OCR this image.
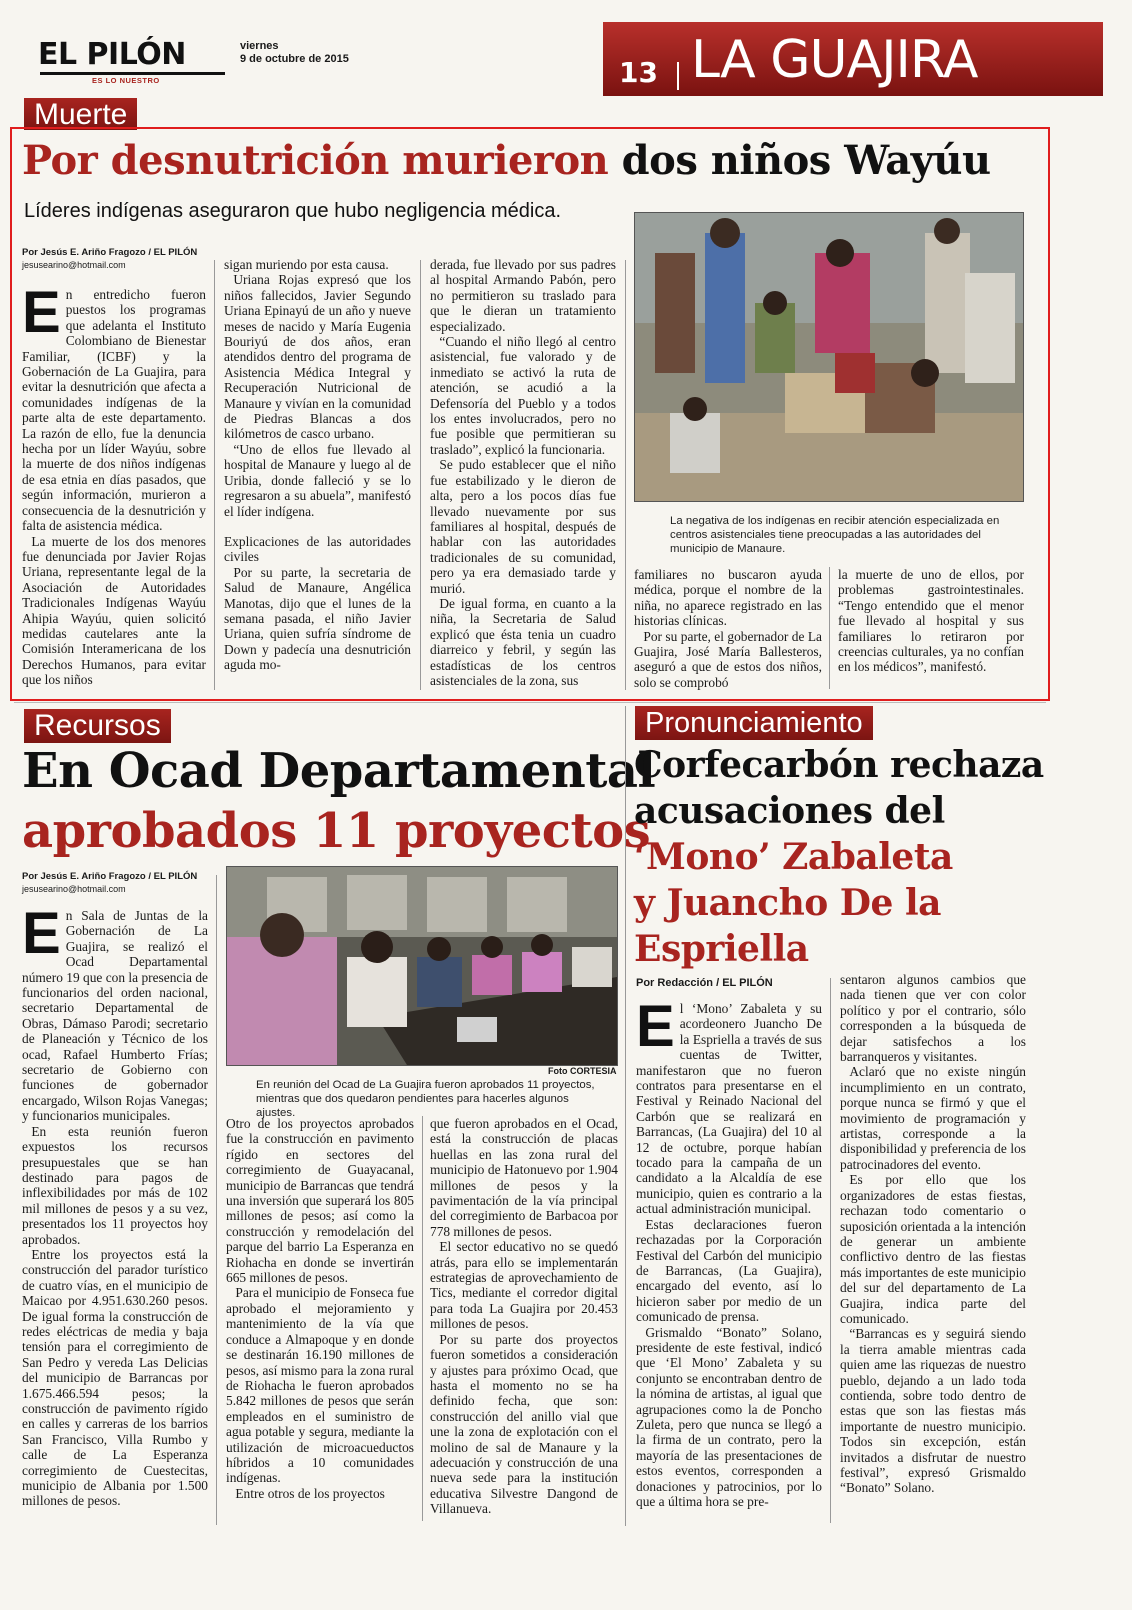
EL PILÓN
ES LO NUESTRO
viernes
9 de octubre de 2015	13 LA GUAJIRA
Muerte
Por desnutrición murieron dos niños Wayúu
Líderes indígenas aseguraron que hubo negligencia médica.
Por Jesús E. Ariño Fragozo / EL PILÓN
jesusearino@hotmail.com
E n entredicho fueron puestos los programas que adelanta el Instituto Colombiano de Bienestar Familiar, (ICBF) y la Gobernación de La Guajira, para evitar la desnutrición que afecta a comunidades indígenas de la parte alta de este departamento. La razón de ello, fue la denuncia hecha por un líder Wayúu, sobre la muerte de dos niños indígenas de esa etnia en días pasados, que según información, murieron a consecuencia de la desnutrición y falta de asistencia médica.

La muerte de los dos menores fue denunciada por Javier Rojas Uriana, representante legal de la Asociación de Autoridades Tradicionales Indígenas Wayúu Ahipia Wayúu, quien solicitó medidas cautelares ante la Comisión Interamericana de los Derechos Humanos, para evitar que los niños

sigan muriendo por esta causa.

Uriana Rojas expresó que los niños fallecidos, Javier Segundo Uriana Epinayú de un año y nueve meses de nacido y María Eugenia Bouriyú de dos años, eran atendidos dentro del programa de Asistencia Médica Integral y Recuperación Nutricional de Manaure y vivían en la comunidad de Piedras Blancas a dos kilómetros de casco urbano.

“Uno de ellos fue llevado al hospital de Manaure y luego al de Uribia, donde falleció y se lo regresaron a su abuela”, manifestó el líder indígena.

Explicaciones de las autoridades civiles

Por su parte, la secretaria de Salud de Manaure, Angélica Manotas, dijo que el lunes de la semana pasada, el niño Javier Uriana, quien sufría síndrome de Down y padecía una desnutrición aguda mo-

derada, fue llevado por sus padres al hospital Armando Pabón, pero no permitieron su traslado para que le dieran un tratamiento especializado.

“Cuando el niño llegó al centro asistencial, fue valorado y de inmediato se activó la ruta de atención, se acudió a la Defensoría del Pueblo y a todos los entes involucrados, pero no fue posible que permitieran su traslado”, explicó la funcionaria.

Se pudo establecer que el niño fue estabilizado y le dieron de alta, pero a los pocos días fue llevado nuevamente por sus familiares al hospital, después de hablar con las autoridades tradicionales de su comunidad, pero ya era demasiado tarde y murió.

De igual forma, en cuanto a la niña, la Secretaria de Salud explicó que ésta tenia un cuadro diarreico y febril, y según las estadísticas de los centros asistenciales de la zona, sus

La negativa de los indígenas en recibir atención especializada en centros asistenciales tiene preocupadas a las autoridades del municipio de Manaure.

familiares no buscaron ayuda médica, porque el nombre de la niña, no aparece registrado en las historias clínicas.

Por su parte, el gobernador de La Guajira, José María Ballesteros, aseguró a que de estos dos niños, solo se comprobó

la muerte de uno de ellos, por problemas gastrointestinales. “Tengo entendido que el menor fue llevado al hospital y sus familiares lo retiraron por creencias culturales, ya no confían en los médicos”, manifestó.

Recursos
En Ocad Departamental
aprobados 11 proyectos
Por Jesús E. Ariño Fragozo / EL PILÓN
jesusearino@hotmail.com
E n Sala de Juntas de la Gobernación de La Guajira, se realizó el Ocad Departamental número 19 que con la presencia de funcionarios del orden nacional, secretario Departamental de Obras, Dámaso Parodi; secretario de Planeación y Técnico de los ocad, Rafael Humberto Frías; secretario de Gobierno con funciones de gobernador encargado, Wilson Rojas Vanegas; y funcionarios municipales.

En esta reunión fueron expuestos los recursos presupuestales que se han destinado para pagos de inflexibilidades por más de 102 mil millones de pesos y a su vez, presentados los 11 proyectos hoy aprobados.

Entre los proyectos está la construcción del parador turístico de cuatro vías, en el municipio de Maicao por 4.951.630.260 pesos. De igual forma la construcción de redes eléctricas de media y baja tensión para el corregimiento de San Pedro y vereda Las Delicias del municipio de Barrancas por 1.675.466.594 pesos; la construcción de pavimento rígido en calles y carreras de los barrios San Francisco, Villa Rumbo y calle de La Esperanza corregimiento de Cuestecitas, municipio de Albania por 1.500 millones de pesos.

Foto CORTESIA
En reunión del Ocad de La Guajira fueron aprobados 11 proyectos, mientras que dos quedaron pendientes para hacerles algunos ajustes.

Otro de los proyectos aprobados fue la construcción en pavimento rígido en sectores del corregimiento de Guayacanal, municipio de Barrancas que tendrá una inversión que superará los 805 millones de pesos; así como la construcción y remodelación del parque del barrio La Esperanza en Riohacha en donde se invertirán 665 millones de pesos.

Para el municipio de Fonseca fue aprobado el mejoramiento y mantenimiento de la vía que conduce a Almapoque y en donde se destinarán 16.190 millones de pesos, así mismo para la zona rural de Riohacha le fueron aprobados 5.842 millones de pesos que serán empleados en el suministro de agua potable y segura, mediante la utilización de microacueductos híbridos a 10 comunidades indígenas.

Entre otros de los proyectos

que fueron aprobados en el Ocad, está la construcción de placas huellas en las zona rural del municipio de Hatonuevo por 1.904 millones de pesos y la pavimentación de la vía principal del corregimiento de Barbacoa por 778 millones de pesos.

El sector educativo no se quedó atrás, para ello se implementarán estrategias de aprovechamiento de Tics, mediante el corredor digital para toda La Guajira por 20.453 millones de pesos.

Por su parte dos proyectos fueron sometidos a consideración y ajustes para próximo Ocad, que hasta el momento no se ha definido fecha, que son: construcción del anillo vial que une la zona de explotación con el molino de sal de Manaure y la adecuación y construcción de una nueva sede para la institución educativa Silvestre Dangond de Villanueva.

Pronunciamiento
Corfecarbón rechaza
acusaciones del
‘Mono’ Zabaleta
y Juancho De la
Espriella
Por Redacción / EL PILÓN
E l ‘Mono’ Zabaleta y su acordeonero Juancho De la Espriella a través de sus cuentas de Twitter, manifestaron que no fueron contratos para presentarse en el Festival y Reinado Nacional del Carbón que se realizará en Barrancas, (La Guajira) del 10 al 12 de octubre, porque habían tocado para la campaña de un candidato a la Alcaldía de ese municipio, quien es contrario a la actual administración municipal.

Estas declaraciones fueron rechazadas por la Corporación Festival del Carbón del municipio de Barrancas, (La Guajira), encargado del evento, así lo hicieron saber por medio de un comunicado de prensa.

Grismaldo “Bonato” Solano, presidente de este festival, indicó que ‘El Mono’ Zabaleta y su conjunto se encontraban dentro de la nómina de artistas, al igual que agrupaciones como la de Poncho Zuleta, pero que nunca se llegó a la firma de un contrato, pero la mayoría de las presentaciones de estos eventos, corresponden a donaciones y patrocinios, por lo que a última hora se pre-

sentaron algunos cambios que nada tienen que ver con color político y por el contrario, sólo corresponden a la búsqueda de dejar satisfechos a los barranqueros y visitantes.

Aclaró que no existe ningún incumplimiento en un contrato, porque nunca se firmó y que el movimiento de programación y artistas, corresponde a la disponibilidad y preferencia de los patrocinadores del evento.

Es por ello que los organizadores de estas fiestas, rechazan todo comentario o suposición orientada a la intención de generar un ambiente conflictivo dentro de las fiestas más importantes de este municipio del sur del departamento de La Guajira, indica parte del comunicado.

“Barrancas es y seguirá siendo la tierra amable mientras cada quien ame las riquezas de nuestro pueblo, dejando a un lado toda contienda, sobre todo dentro de estas que son las fiestas más importante de nuestro municipio. Todos sin excepción, están invitados a disfrutar de nuestro festival”, expresó Grismaldo “Bonato” Solano.
